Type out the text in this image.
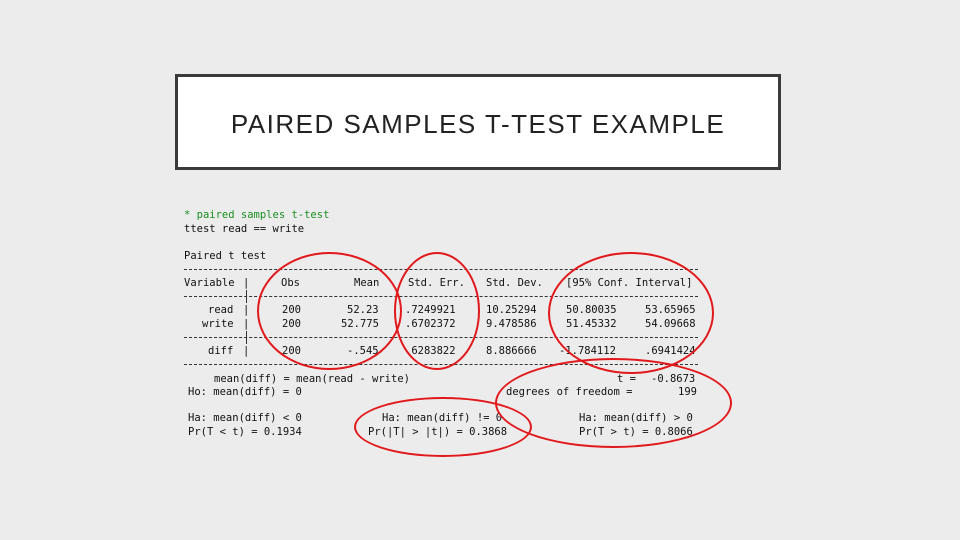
PAIRED SAMPLES T-TEST EXAMPLE
* paired samples t-test
ttest read == write
Paired t test
Variable |	Obs	Mean	Std. Err. Std. Dev. [95% Conf. Interval]
read |	200	52.23	.7249921	10.25294	50.80035	53.65965
write |	200	52.775 .6702372	9.478586	51.45332	54.09668
diff |	200	-.545	.6283822	8.886666 -1.784112	.6941424
mean(diff) = mean(read - write)	t = -0.8673
Ho: mean(diff) = 0	degrees of freedom =	199
Ha: mean(diff) < 0
Pr(T < t) = 0.1934
Ha: mean(diff) != 0
Pr(|T| > |t|) = 0.3868
Ha: mean(diff) > 0
Pr(T > t) = 0.8066
